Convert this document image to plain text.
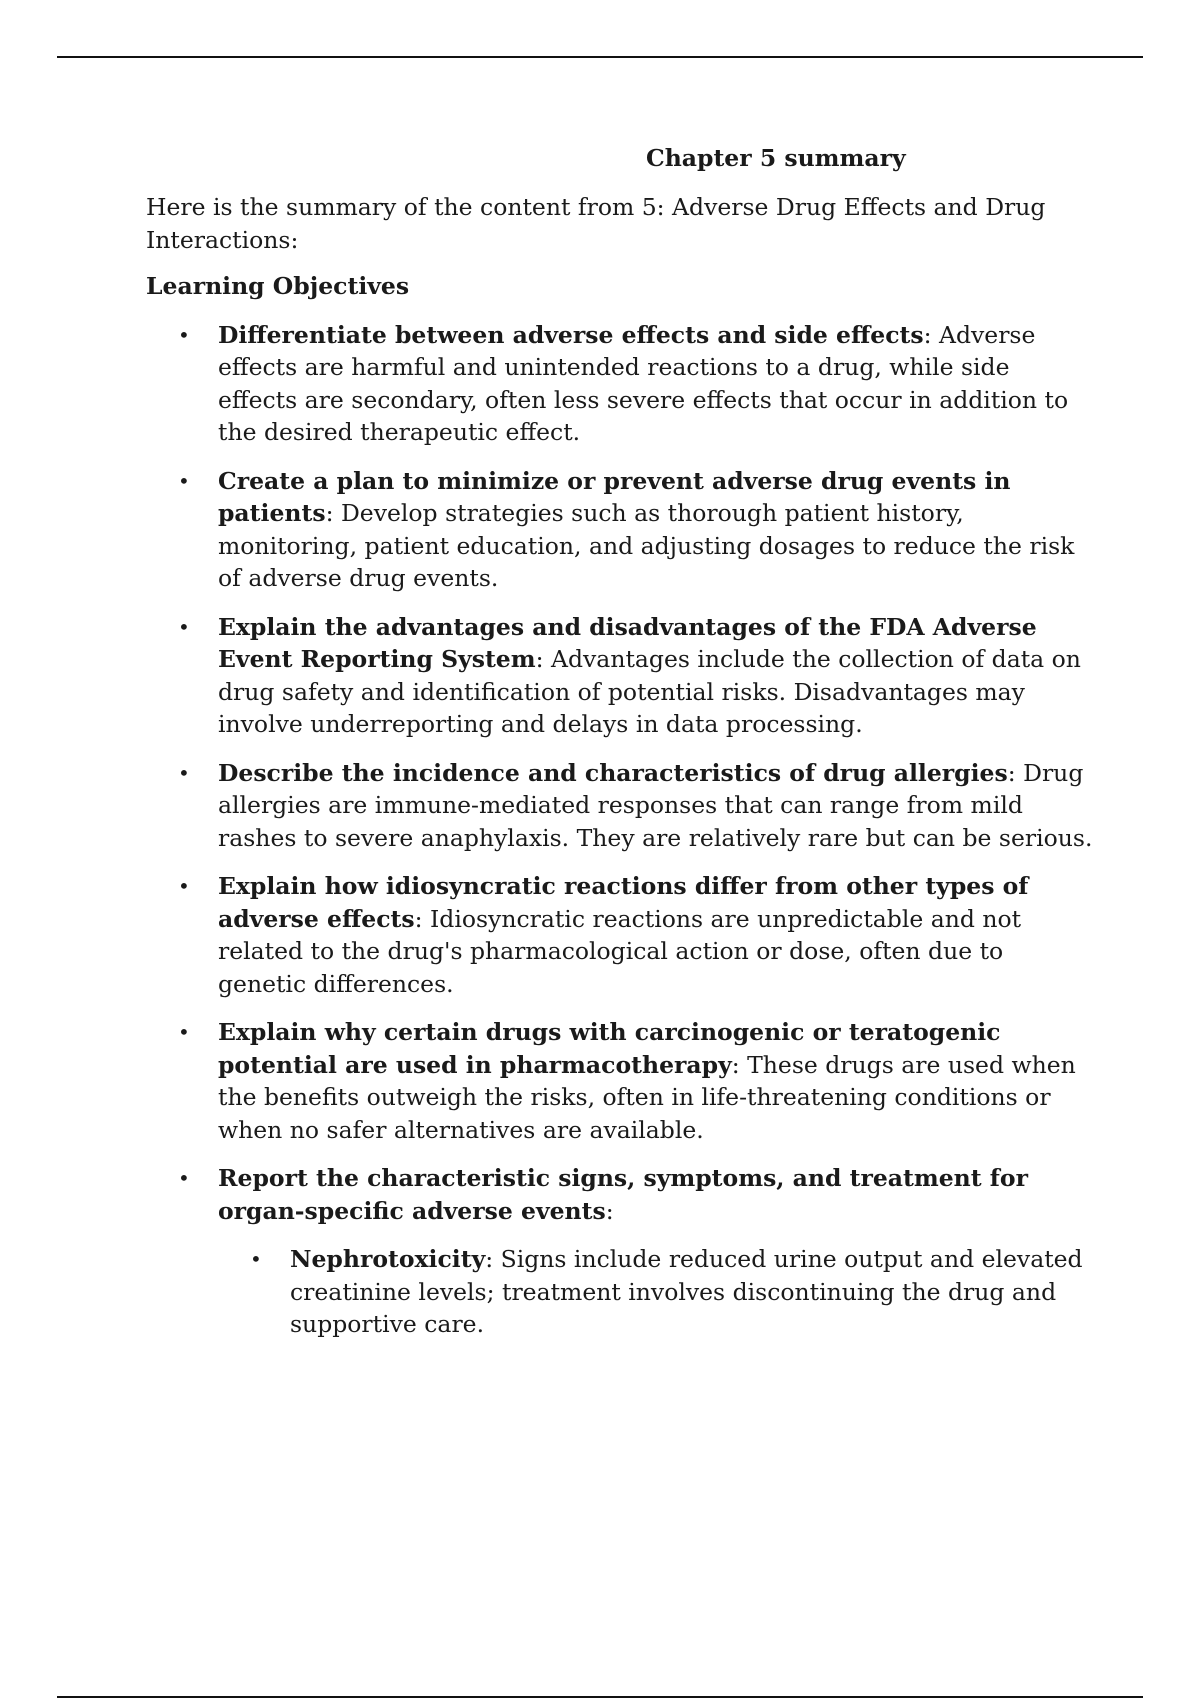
Chapter 5 summary

Here is the summary of the content from 5: Adverse Drug Effects and Drug Interactions:

Learning Objectives

• Differentiate between adverse effects and side effects: Adverse effects are harmful and unintended reactions to a drug, while side effects are secondary, often less severe effects that occur in addition to the desired therapeutic effect.
• Create a plan to minimize or prevent adverse drug events in patients: Develop strategies such as thorough patient history, monitoring, patient education, and adjusting dosages to reduce the risk of adverse drug events.
• Explain the advantages and disadvantages of the FDA Adverse Event Reporting System: Advantages include the collection of data on drug safety and identification of potential risks. Disadvantages may involve underreporting and delays in data processing.
• Describe the incidence and characteristics of drug allergies: Drug allergies are immune-mediated responses that can range from mild rashes to severe anaphylaxis. They are relatively rare but can be serious.
• Explain how idiosyncratic reactions differ from other types of adverse effects: Idiosyncratic reactions are unpredictable and not related to the drug's pharmacological action or dose, often due to genetic differences.
• Explain why certain drugs with carcinogenic or teratogenic potential are used in pharmacotherapy: These drugs are used when the benefits outweigh the risks, often in life-threatening conditions or when no safer alternatives are available.
• Report the characteristic signs, symptoms, and treatment for organ-specific adverse events:
• Nephrotoxicity: Signs include reduced urine output and elevated creatinine levels; treatment involves discontinuing the drug and supportive care.
